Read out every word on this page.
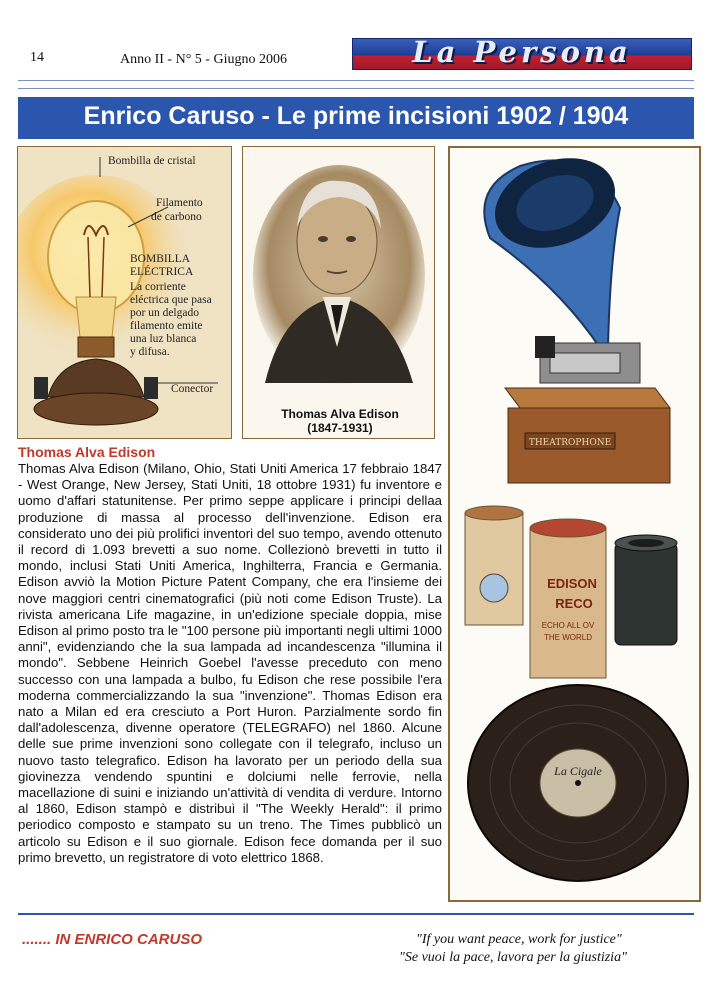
14	Anno II - N° 5 - Giugno 2006	La Persona
Enrico Caruso - Le prime incisioni 1902 / 1904
Bombilla de cristal
Filamento
de carbono
BOMBILLA
ELÉCTRICA
La corriente
eléctrica que pasa
por un delgado
filamento emite
una luz blanca
y difusa.
Conector
Thomas Alva Edison
(1847-1931)
THEATROPHONE
EDISON
RECO
ECHO ALL OV
THE WORLD
La Cigale
Thomas Alva Edison

Thomas Alva Edison (Milano, Ohio, Stati Uniti America 17 febbraio 1847 - West Orange, New Jersey, Stati Uniti, 18 ottobre 1931) fu inventore e uomo d'affari statunitense. Per primo seppe applicare i principi dellaa produzione di massa al processo dell'invenzione. Edison era considerato uno dei più prolifici inventori del suo tempo, avendo ottenuto il record di 1.093 brevetti a suo nome. Collezionò brevetti in tutto il mondo, inclusi Stati Uniti America, Inghilterra, Francia e Germania. Edison avviò la Motion Picture Patent Company, che era l'insieme dei nove maggiori centri cinematografici (più noti come Edison Truste). La rivista americana Life magazine, in un'edizione speciale doppia, mise Edison al primo posto tra le "100 persone più importanti negli ultimi 1000 anni", evidenziando che la sua lampada ad incandescenza "illumina il mondo". Sebbene Heinrich Goebel l'avesse preceduto con meno successo con una lampada a bulbo, fu Edison che rese possibile l'era moderna commercializzando la sua "invenzione". Thomas Edison era nato a Milan ed era cresciuto a Port Huron. Parzialmente sordo fin dall'adolescenza, divenne operatore (TELEGRAFO) nel 1860. Alcune delle sue prime invenzioni sono collegate con il telegrafo, incluso un nuovo tasto telegrafico. Edison ha lavorato per un periodo della sua giovinezza vendendo spuntini e dolciumi nelle ferrovie, nella macellazione di suini e iniziando un'attività di vendita di verdure. Intorno al 1860, Edison stampò e distribuì il "The Weekly Herald": il primo periodico composto e stampato su un treno. The Times pubblicò un articolo su Edison e il suo giornale. Edison fece domanda per il suo primo brevetto, un registratore di voto elettrico 1868.

....... IN ENRICO CARUSO	"If you want peace, work for justice"
"Se vuoi la pace, lavora per la giustizia"
